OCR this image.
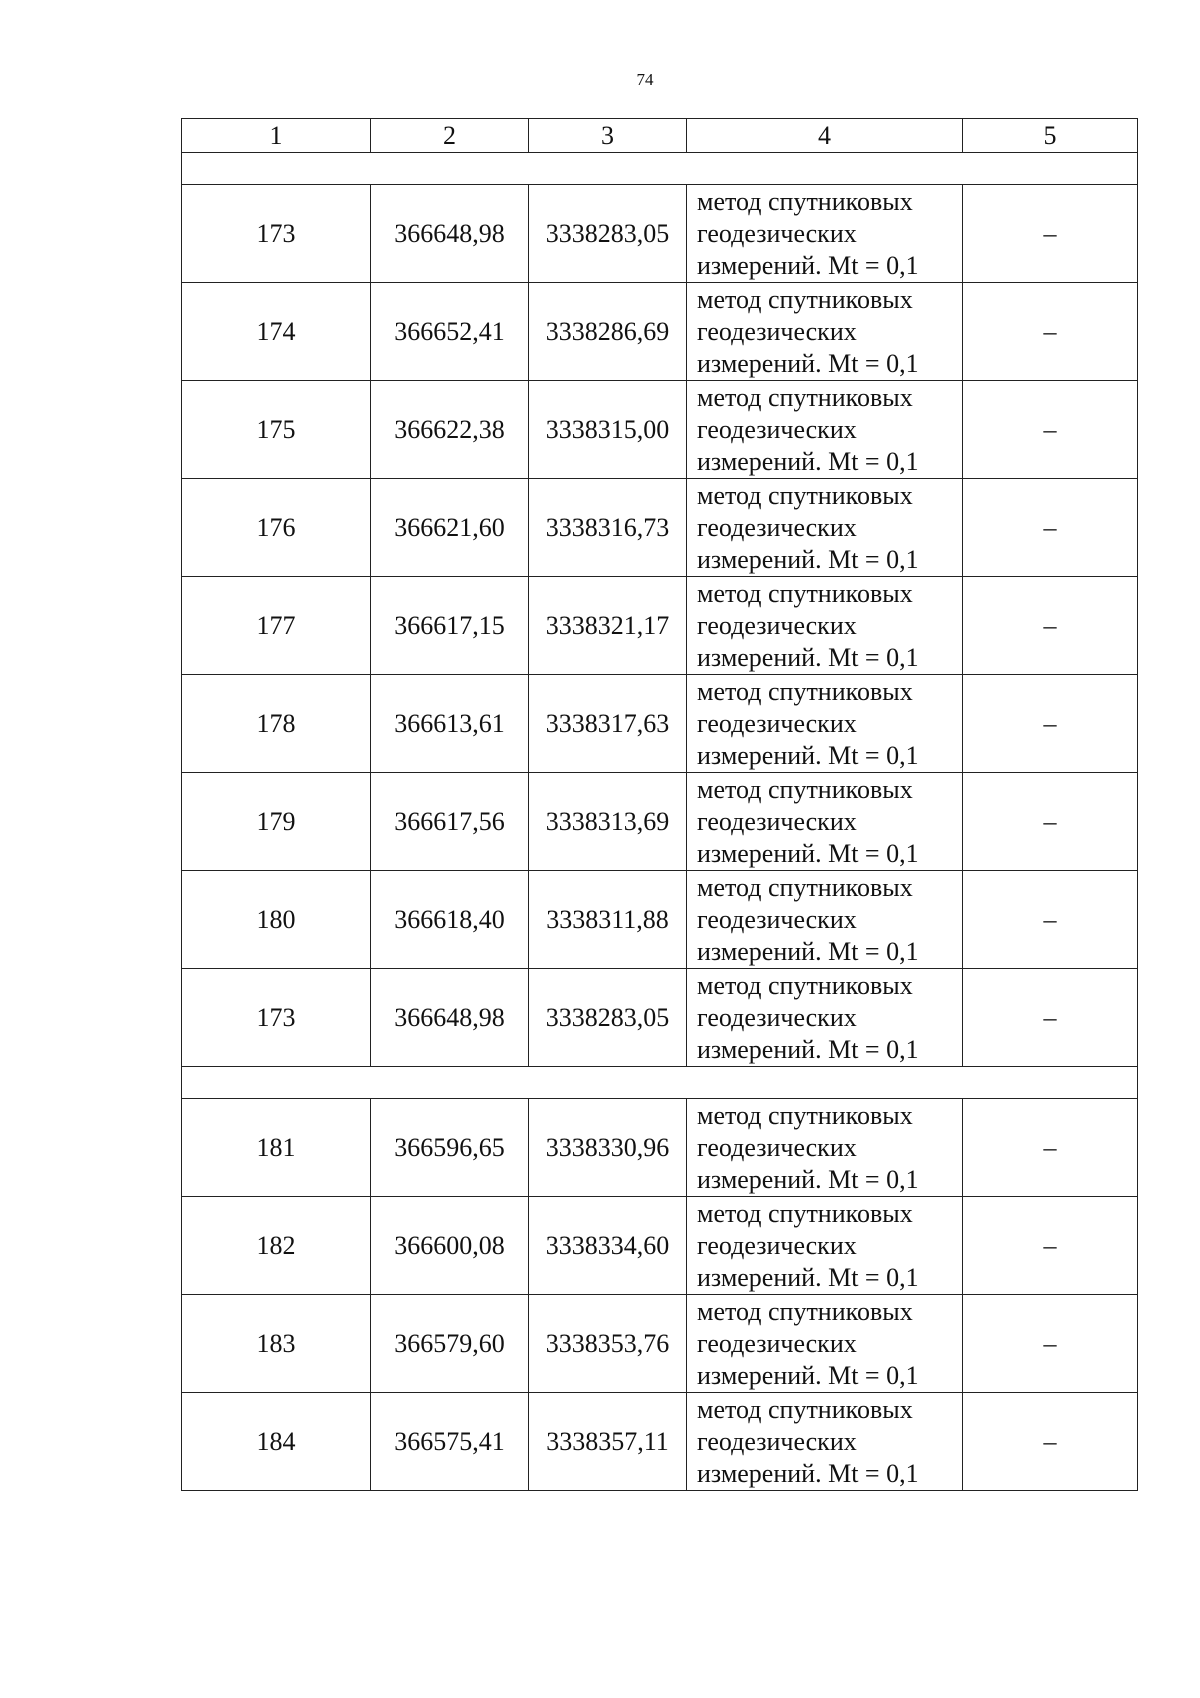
74
1	2	3	4	5

173	366648,98	3338283,05	метод спутниковых
геодезических
измерений. Mt = 0,1	–
174	366652,41	3338286,69	метод спутниковых
геодезических
измерений. Mt = 0,1	–
175	366622,38	3338315,00	метод спутниковых
геодезических
измерений. Mt = 0,1	–
176	366621,60	3338316,73	метод спутниковых
геодезических
измерений. Mt = 0,1	–
177	366617,15	3338321,17	метод спутниковых
геодезических
измерений. Mt = 0,1	–
178	366613,61	3338317,63	метод спутниковых
геодезических
измерений. Mt = 0,1	–
179	366617,56	3338313,69	метод спутниковых
геодезических
измерений. Mt = 0,1	–
180	366618,40	3338311,88	метод спутниковых
геодезических
измерений. Mt = 0,1	–
173	366648,98	3338283,05	метод спутниковых
геодезических
измерений. Mt = 0,1	–

181	366596,65	3338330,96	метод спутниковых
геодезических
измерений. Mt = 0,1	–
182	366600,08	3338334,60	метод спутниковых
геодезических
измерений. Mt = 0,1	–
183	366579,60	3338353,76	метод спутниковых
геодезических
измерений. Mt = 0,1	–
184	366575,41	3338357,11	метод спутниковых
геодезических
измерений. Mt = 0,1	–
